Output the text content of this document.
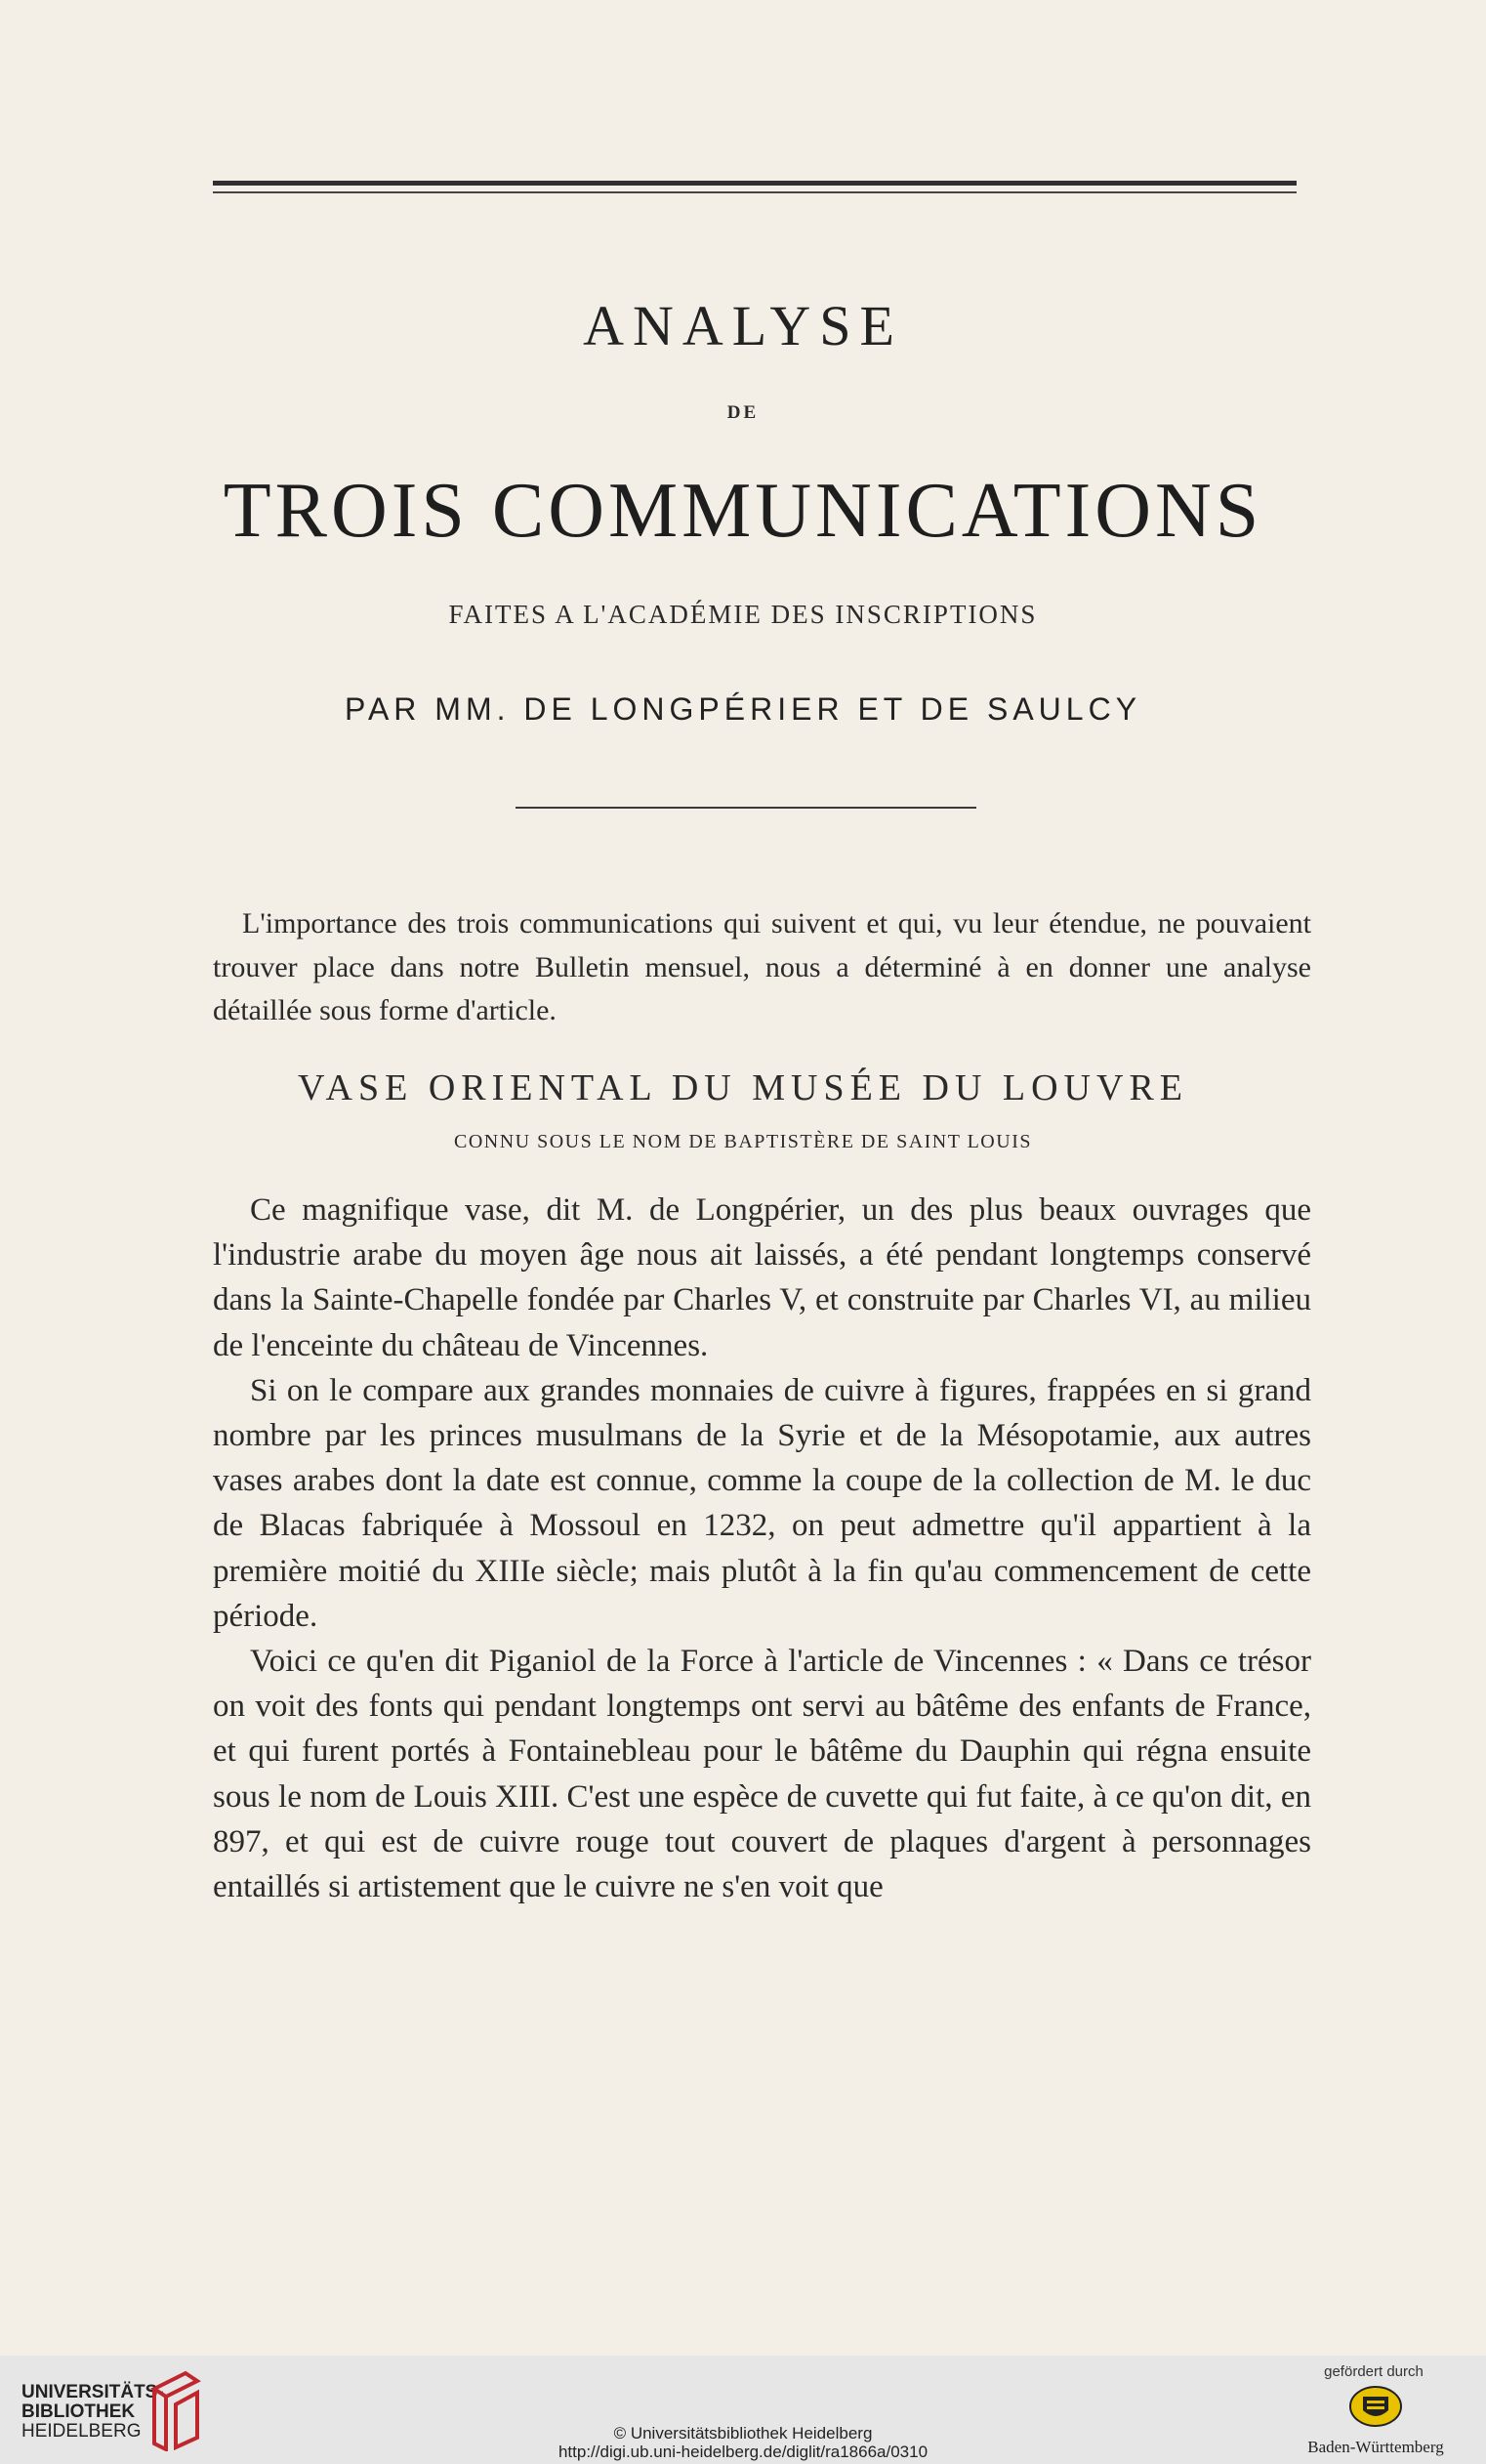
ANALYSE
DE
TROIS COMMUNICATIONS
FAITES A L'ACADÉMIE DES INSCRIPTIONS
PAR MM. DE LONGPÉRIER ET DE SAULCY

L'importance des trois communications qui suivent et qui, vu leur étendue, ne pouvaient trouver place dans notre Bulletin mensuel, nous a déterminé à en donner une analyse détaillée sous forme d'article.

VASE ORIENTAL DU MUSÉE DU LOUVRE
CONNU SOUS LE NOM DE BAPTISTÈRE DE SAINT LOUIS

Ce magnifique vase, dit M. de Longpérier, un des plus beaux ouvrages que l'industrie arabe du moyen âge nous ait laissés, a été pendant longtemps conservé dans la Sainte-Chapelle fondée par Charles V, et construite par Charles VI, au milieu de l'enceinte du château de Vincennes.

Si on le compare aux grandes monnaies de cuivre à figures, frappées en si grand nombre par les princes musulmans de la Syrie et de la Mésopotamie, aux autres vases arabes dont la date est connue, comme la coupe de la collection de M. le duc de Blacas fabriquée à Mossoul en 1232, on peut admettre qu'il appartient à la première moitié du XIIIe siècle; mais plutôt à la fin qu'au commencement de cette période.

Voici ce qu'en dit Piganiol de la Force à l'article de Vincennes : « Dans ce trésor on voit des fonts qui pendant longtemps ont servi au bâtême des enfants de France, et qui furent portés à Fontainebleau pour le bâtême du Dauphin qui régna ensuite sous le nom de Louis XIII. C'est une espèce de cuvette qui fut faite, à ce qu'on dit, en 897, et qui est de cuivre rouge tout couvert de plaques d'argent à personnages entaillés si artistement que le cuivre ne s'en voit que

UNIVERSITÄTS-
BIBLIOTHEK
HEIDELBERG	© Universitätsbibliothek Heidelberg
http://digi.ub.uni-heidelberg.de/diglit/ra1866a/0310
gefördert durch
Baden-Württemberg
